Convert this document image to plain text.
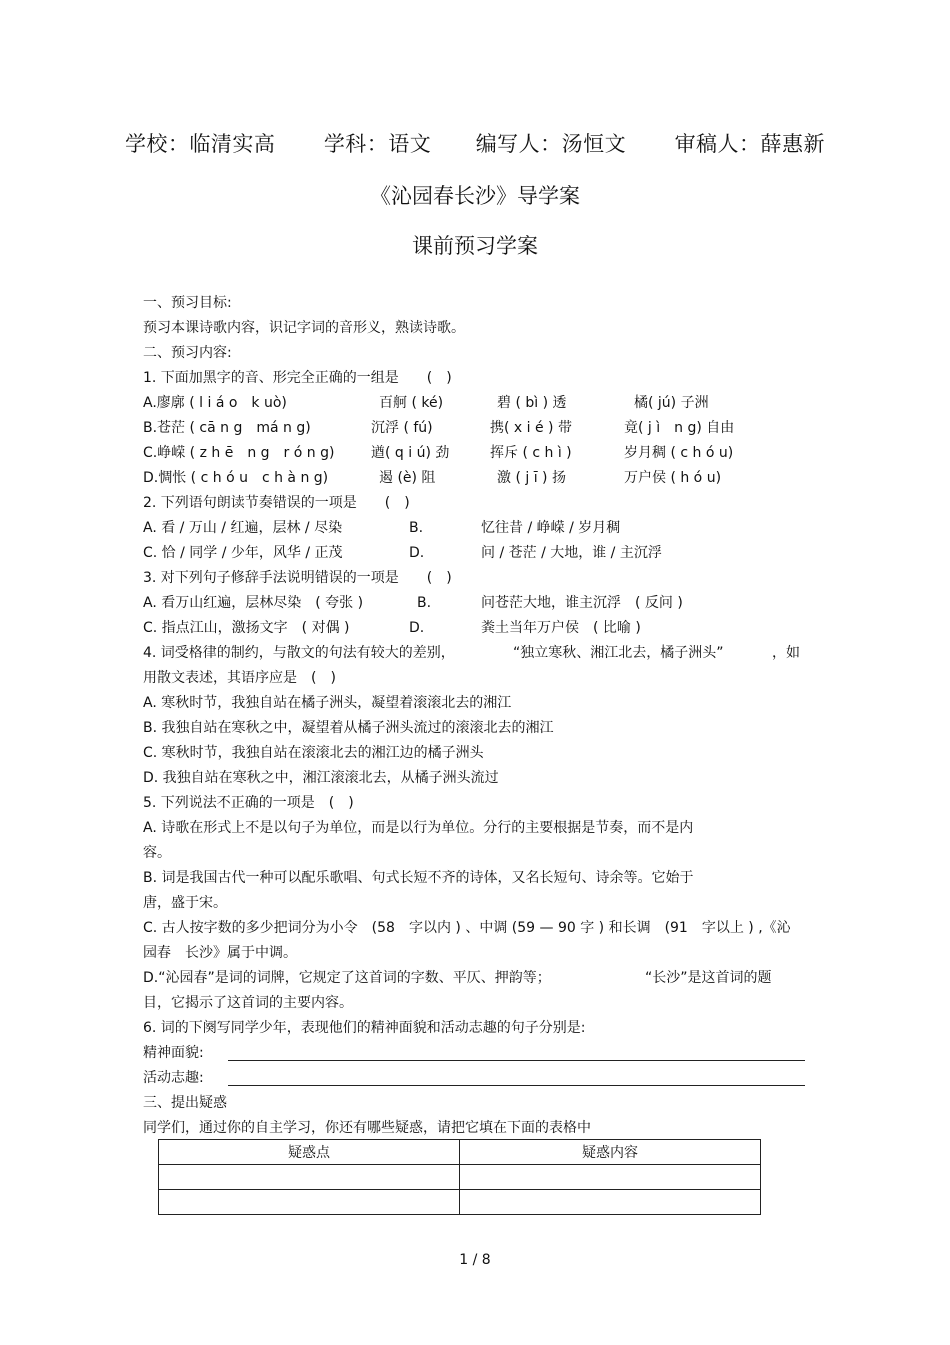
学校：临清实高 学科：语文 编写人：汤恒文 审稿人：薛惠新
《沁园春长沙》导学案
课前预习学案
一、预习目标:
预习本课诗歌内容，识记字词的音形义，熟读诗歌。
二、预习内容:
1. 下面加黑字的音、形完全正确的一组是　　(　)
A.廖廓 ( l i á o　k uò)	百舸 ( ké)	碧 ( bì ) 透	橘( jú) 子洲
B.苍茫 ( cā n g　má n g)	沉浮 ( fú)	携( x i é ) 带	竟( j ì　n g) 自由
C.峥嵘 ( z h ē　n g　r ó n g)	遒( q i ú) 劲	挥斥 ( c h ì )	岁月稠 ( c h ó u)
D.惆怅 ( c h ó u　c h à n g)	遏 (è) 阻	激 ( j ī ) 扬	万户侯 ( h ó u)
2. 下列语句朗读节奏错误的一项是　　(　)
A. 看 / 万山 / 红遍，层林 / 尽染	B.	忆往昔 / 峥嵘 / 岁月稠
C. 恰 / 同学 / 少年，风华 / 正茂	D.	问 / 苍茫 / 大地，谁 / 主沉浮
3. 对下列句子修辞手法说明错误的一项是　　(　)
A. 看万山红遍，层林尽染　( 夸张 )	B.	问苍茫大地，谁主沉浮　( 反问 )
C. 指点江山，激扬文字　( 对偶 )	D.	粪土当年万户侯　( 比喻 )
4. 词受格律的制约，与散文的句法有较大的差别，	“独立寒秋、湘江北去，橘子洲头”	，如
用散文表述，其语序应是　(　)
A. 寒秋时节，我独自站在橘子洲头，凝望着滚滚北去的湘江
B. 我独自站在寒秋之中，凝望着从橘子洲头流过的滚滚北去的湘江
C. 寒秋时节，我独自站在滚滚北去的湘江边的橘子洲头
D. 我独自站在寒秋之中，湘江滚滚北去，从橘子洲头流过
5. 下列说法不正确的一项是　(　)
A. 诗歌在形式上不是以句子为单位，而是以行为单位。分行的主要根据是节奏，而不是内
容。
B. 词是我国古代一种可以配乐歌唱、句式长短不齐的诗体，又名长短句、诗余等。它始于
唐，盛于宋。
C. 古人按字数的多少把词分为小令　(58　字以内 ) 、中调 (59 — 90 字 ) 和长调　(91　字以上 ) ,《沁
园春　长沙》属于中调。
D.“沁园春”是词的词牌，它规定了这首词的字数、平仄、押韵等；	“长沙”是这首词的题
目，它揭示了这首词的主要内容。
6. 词的下阕写同学少年，表现他们的精神面貌和活动志趣的句子分别是:
精神面貌:
活动志趣:
三、提出疑惑
同学们，通过你的自主学习，你还有哪些疑惑，请把它填在下面的表格中
疑惑点	疑惑内容

1 / 8
